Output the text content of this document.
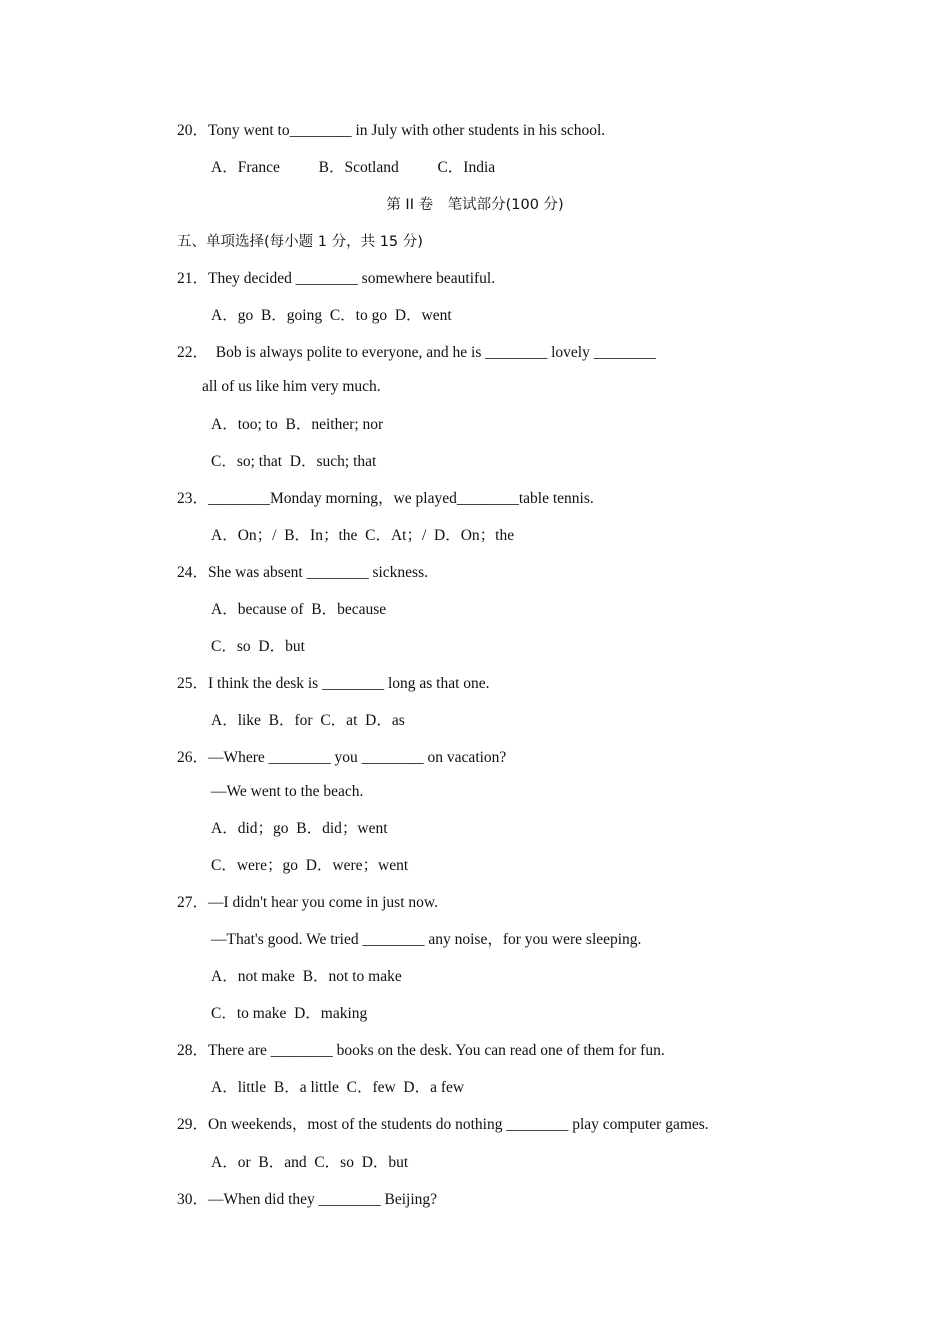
20．Tony went to________ in July with other students in his school.
A．France          B．Scotland          C．India
第 II 卷　笔试部分(100 分)
五、单项选择(每小题 1 分，共 15 分)
21．They decided ________ somewhere beautiful.
A．go  B．going  C．to go  D．went
22．  Bob is always polite to everyone, and he is ________ lovely ________
all of us like him very much.
A．too; to  B．neither; nor
C．so; that  D．such; that
23．________Monday morning，we played________table tennis.
A．On；/  B．In；the  C．At；/  D．On；the
24．She was absent ________ sickness.
A．because of  B．because
C．so  D．but
25．I think the desk is ________ long as that one.
A．like  B．for  C．at  D．as
26．—Where ________ you ________ on vacation?
—We went to the beach.
A．did；go  B．did；went
C．were；go  D．were；went
27．—I didn't hear you come in just now.
—That's good. We tried ________ any noise，for you were sleeping.
A．not make  B．not to make
C．to make  D．making
28．There are ________ books on the desk. You can read one of them for fun.
A．little  B．a little  C．few  D．a few
29．On weekends，most of the students do nothing ________ play computer games.
A．or  B．and  C．so  D．but
30．—When did they ________ Beijing?
